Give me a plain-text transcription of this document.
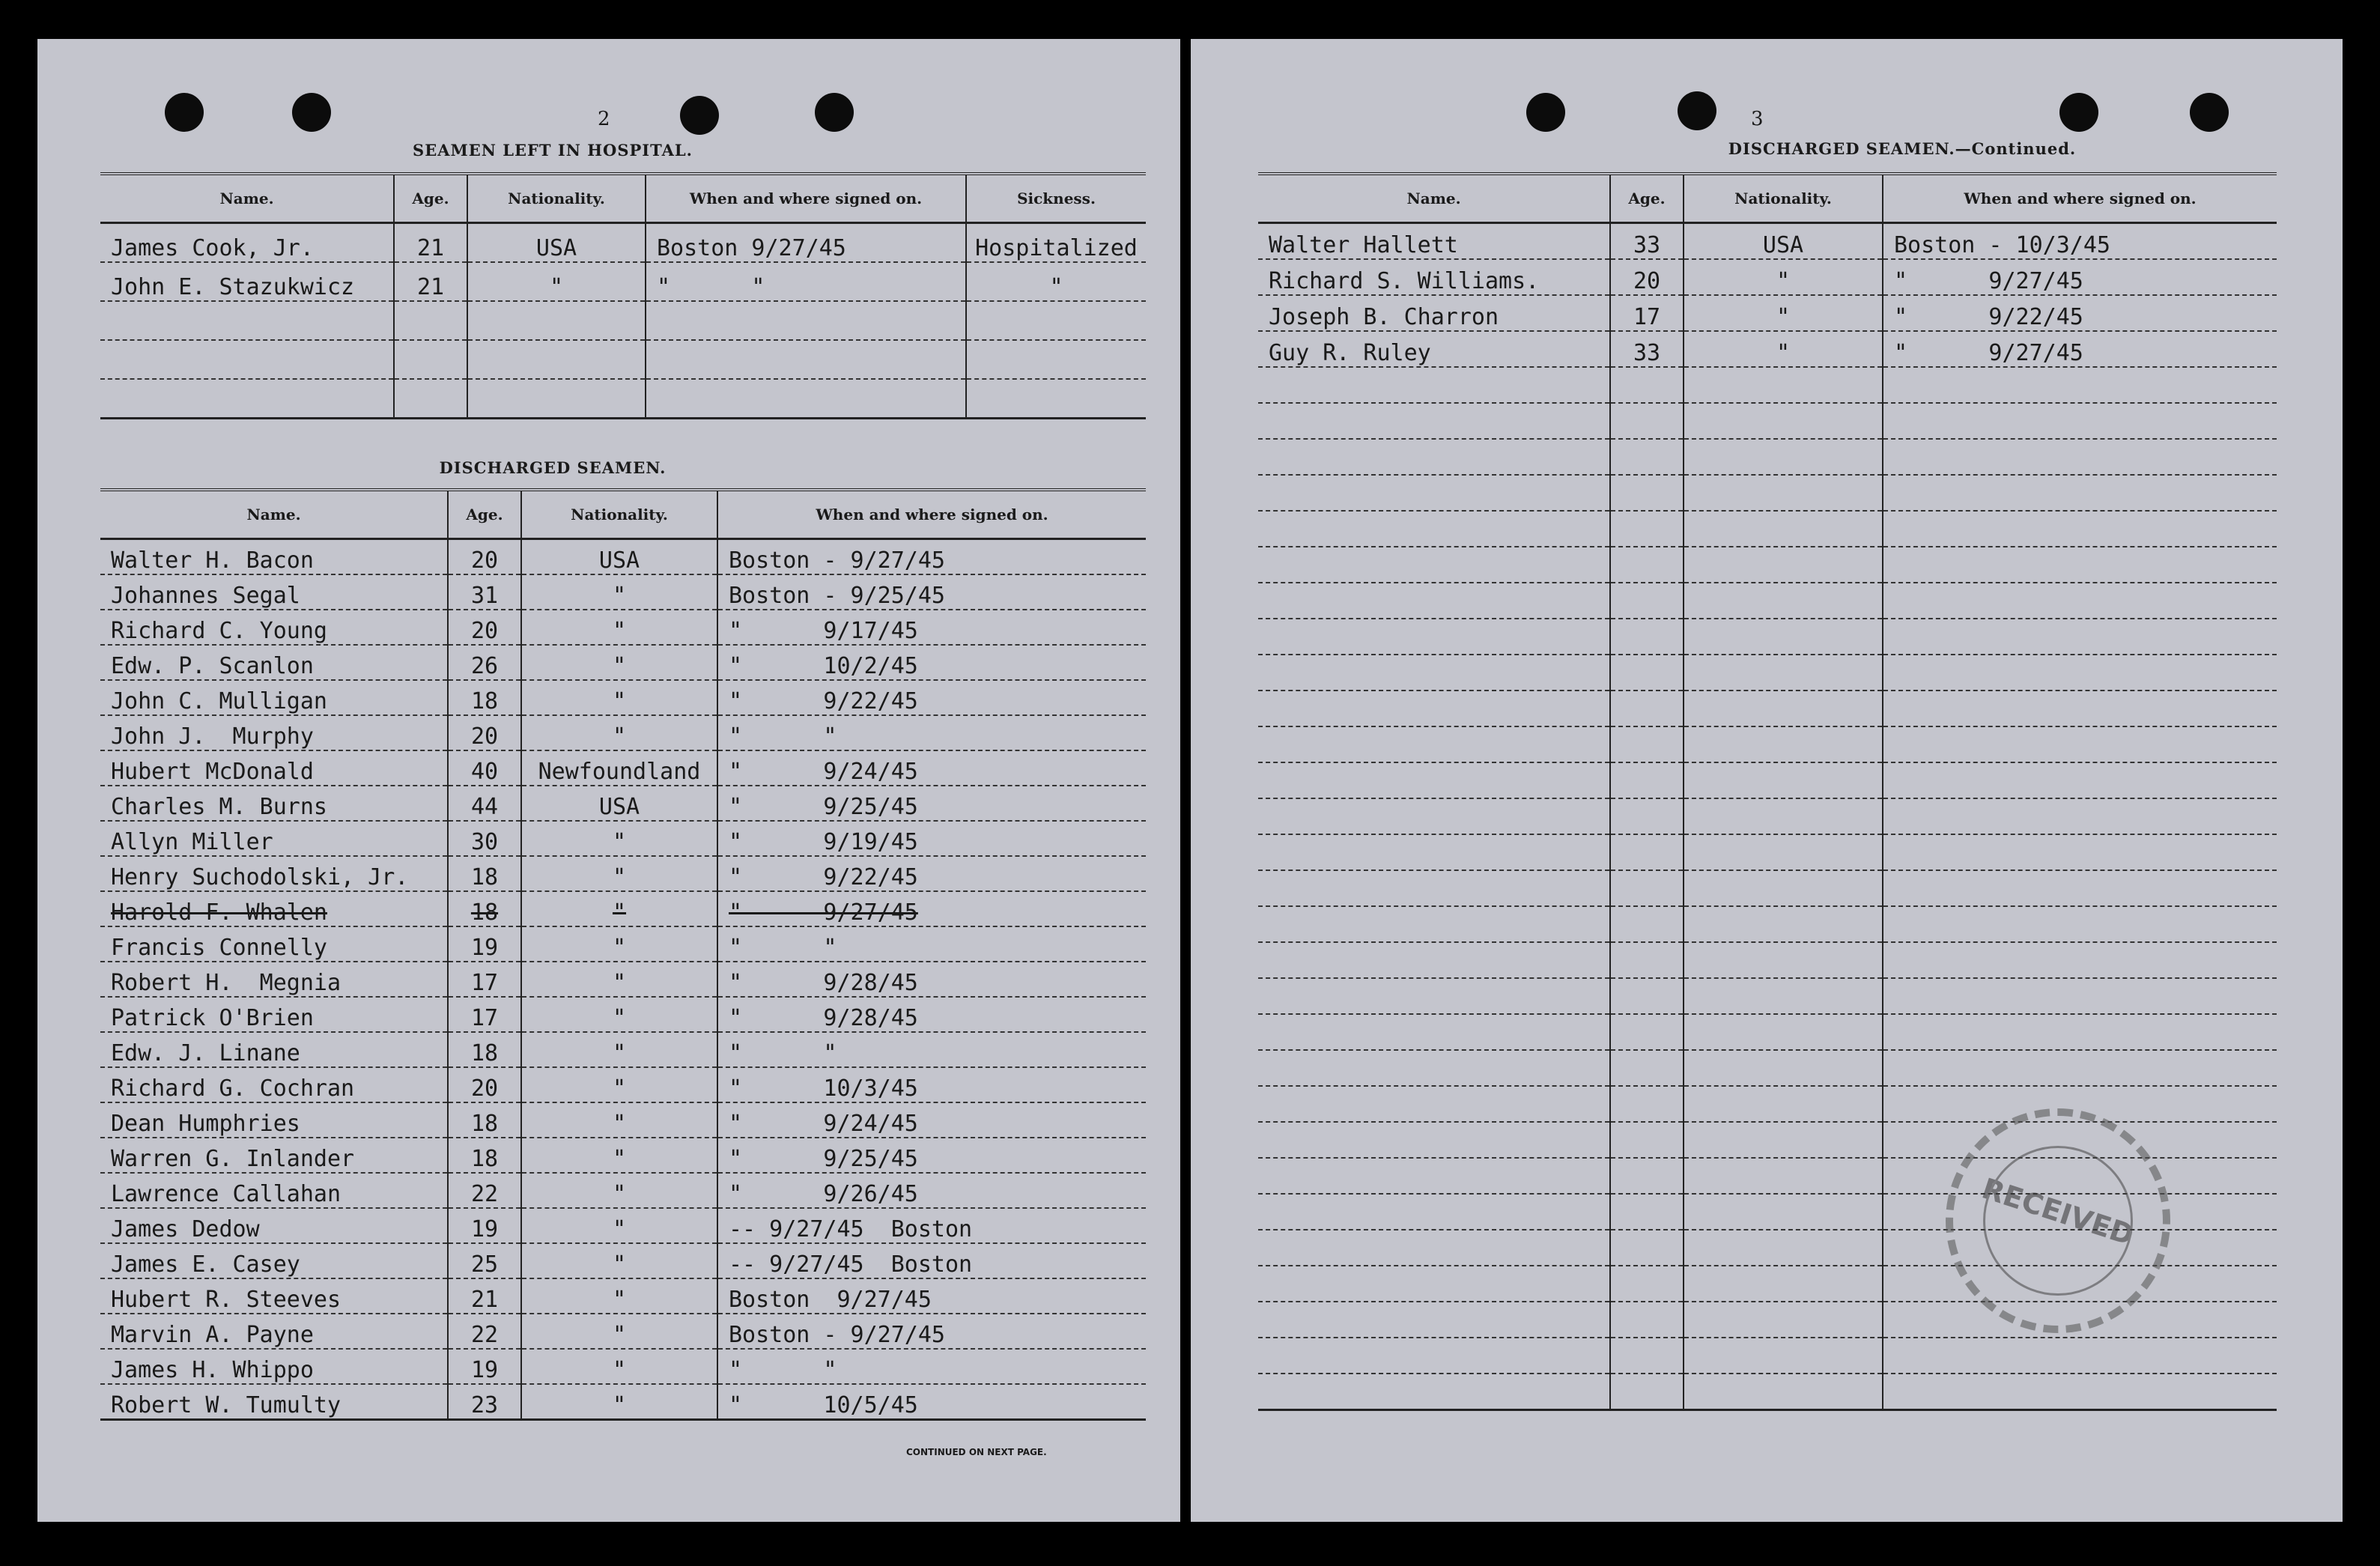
2
SEAMEN LEFT IN HOSPITAL.
Name.	Age.	Nationality.	When and where signed on.	Sickness.
James Cook, Jr.	21	USA	Boston 9/27/45	Hospitalized
John E. Stazukwicz	21	"	"      "	"

DISCHARGED SEAMEN.
Name.	Age.	Nationality.	When and where signed on.
Walter H. Bacon	20	USA	Boston - 9/27/45
Johannes Segal	31	"	Boston - 9/25/45
Richard C. Young	20	"	"      9/17/45
Edw. P. Scanlon	26	"	"      10/2/45
John C. Mulligan	18	"	"      9/22/45
John J.  Murphy	20	"	"      "
Hubert McDonald	40	Newfoundland	"      9/24/45
Charles M. Burns	44	USA	"      9/25/45
Allyn Miller	30	"	"      9/19/45
Henry Suchodolski, Jr.	18	"	"      9/22/45
Harold F. Whalen	18	"	"      9/27/45
Francis Connelly	19	"	"      "
Robert H.  Megnia	17	"	"      9/28/45
Patrick O'Brien	17	"	"      9/28/45
Edw. J. Linane	18	"	"      "
Richard G. Cochran	20	"	"      10/3/45
Dean Humphries	18	"	"      9/24/45
Warren G. Inlander	18	"	"      9/25/45
Lawrence Callahan	22	"	"      9/26/45
James Dedow	19	"	-- 9/27/45  Boston
James E. Casey	25	"	-- 9/27/45  Boston
Hubert R. Steeves	21	"	Boston  9/27/45
Marvin A. Payne	22	"	Boston - 9/27/45
James H. Whippo	19	"	"      "
Robert W. Tumulty	23	"	"      10/5/45
CONTINUED ON NEXT PAGE.
3
DISCHARGED SEAMEN.—Continued.
Name.	Age.	Nationality.	When and where signed on.
Walter Hallett	33	USA	Boston - 10/3/45
Richard S. Williams.	20	"	"      9/27/45
Joseph B. Charron	17	"	"      9/22/45
Guy R. Ruley	33	"	"      9/27/45

RECEIVED
